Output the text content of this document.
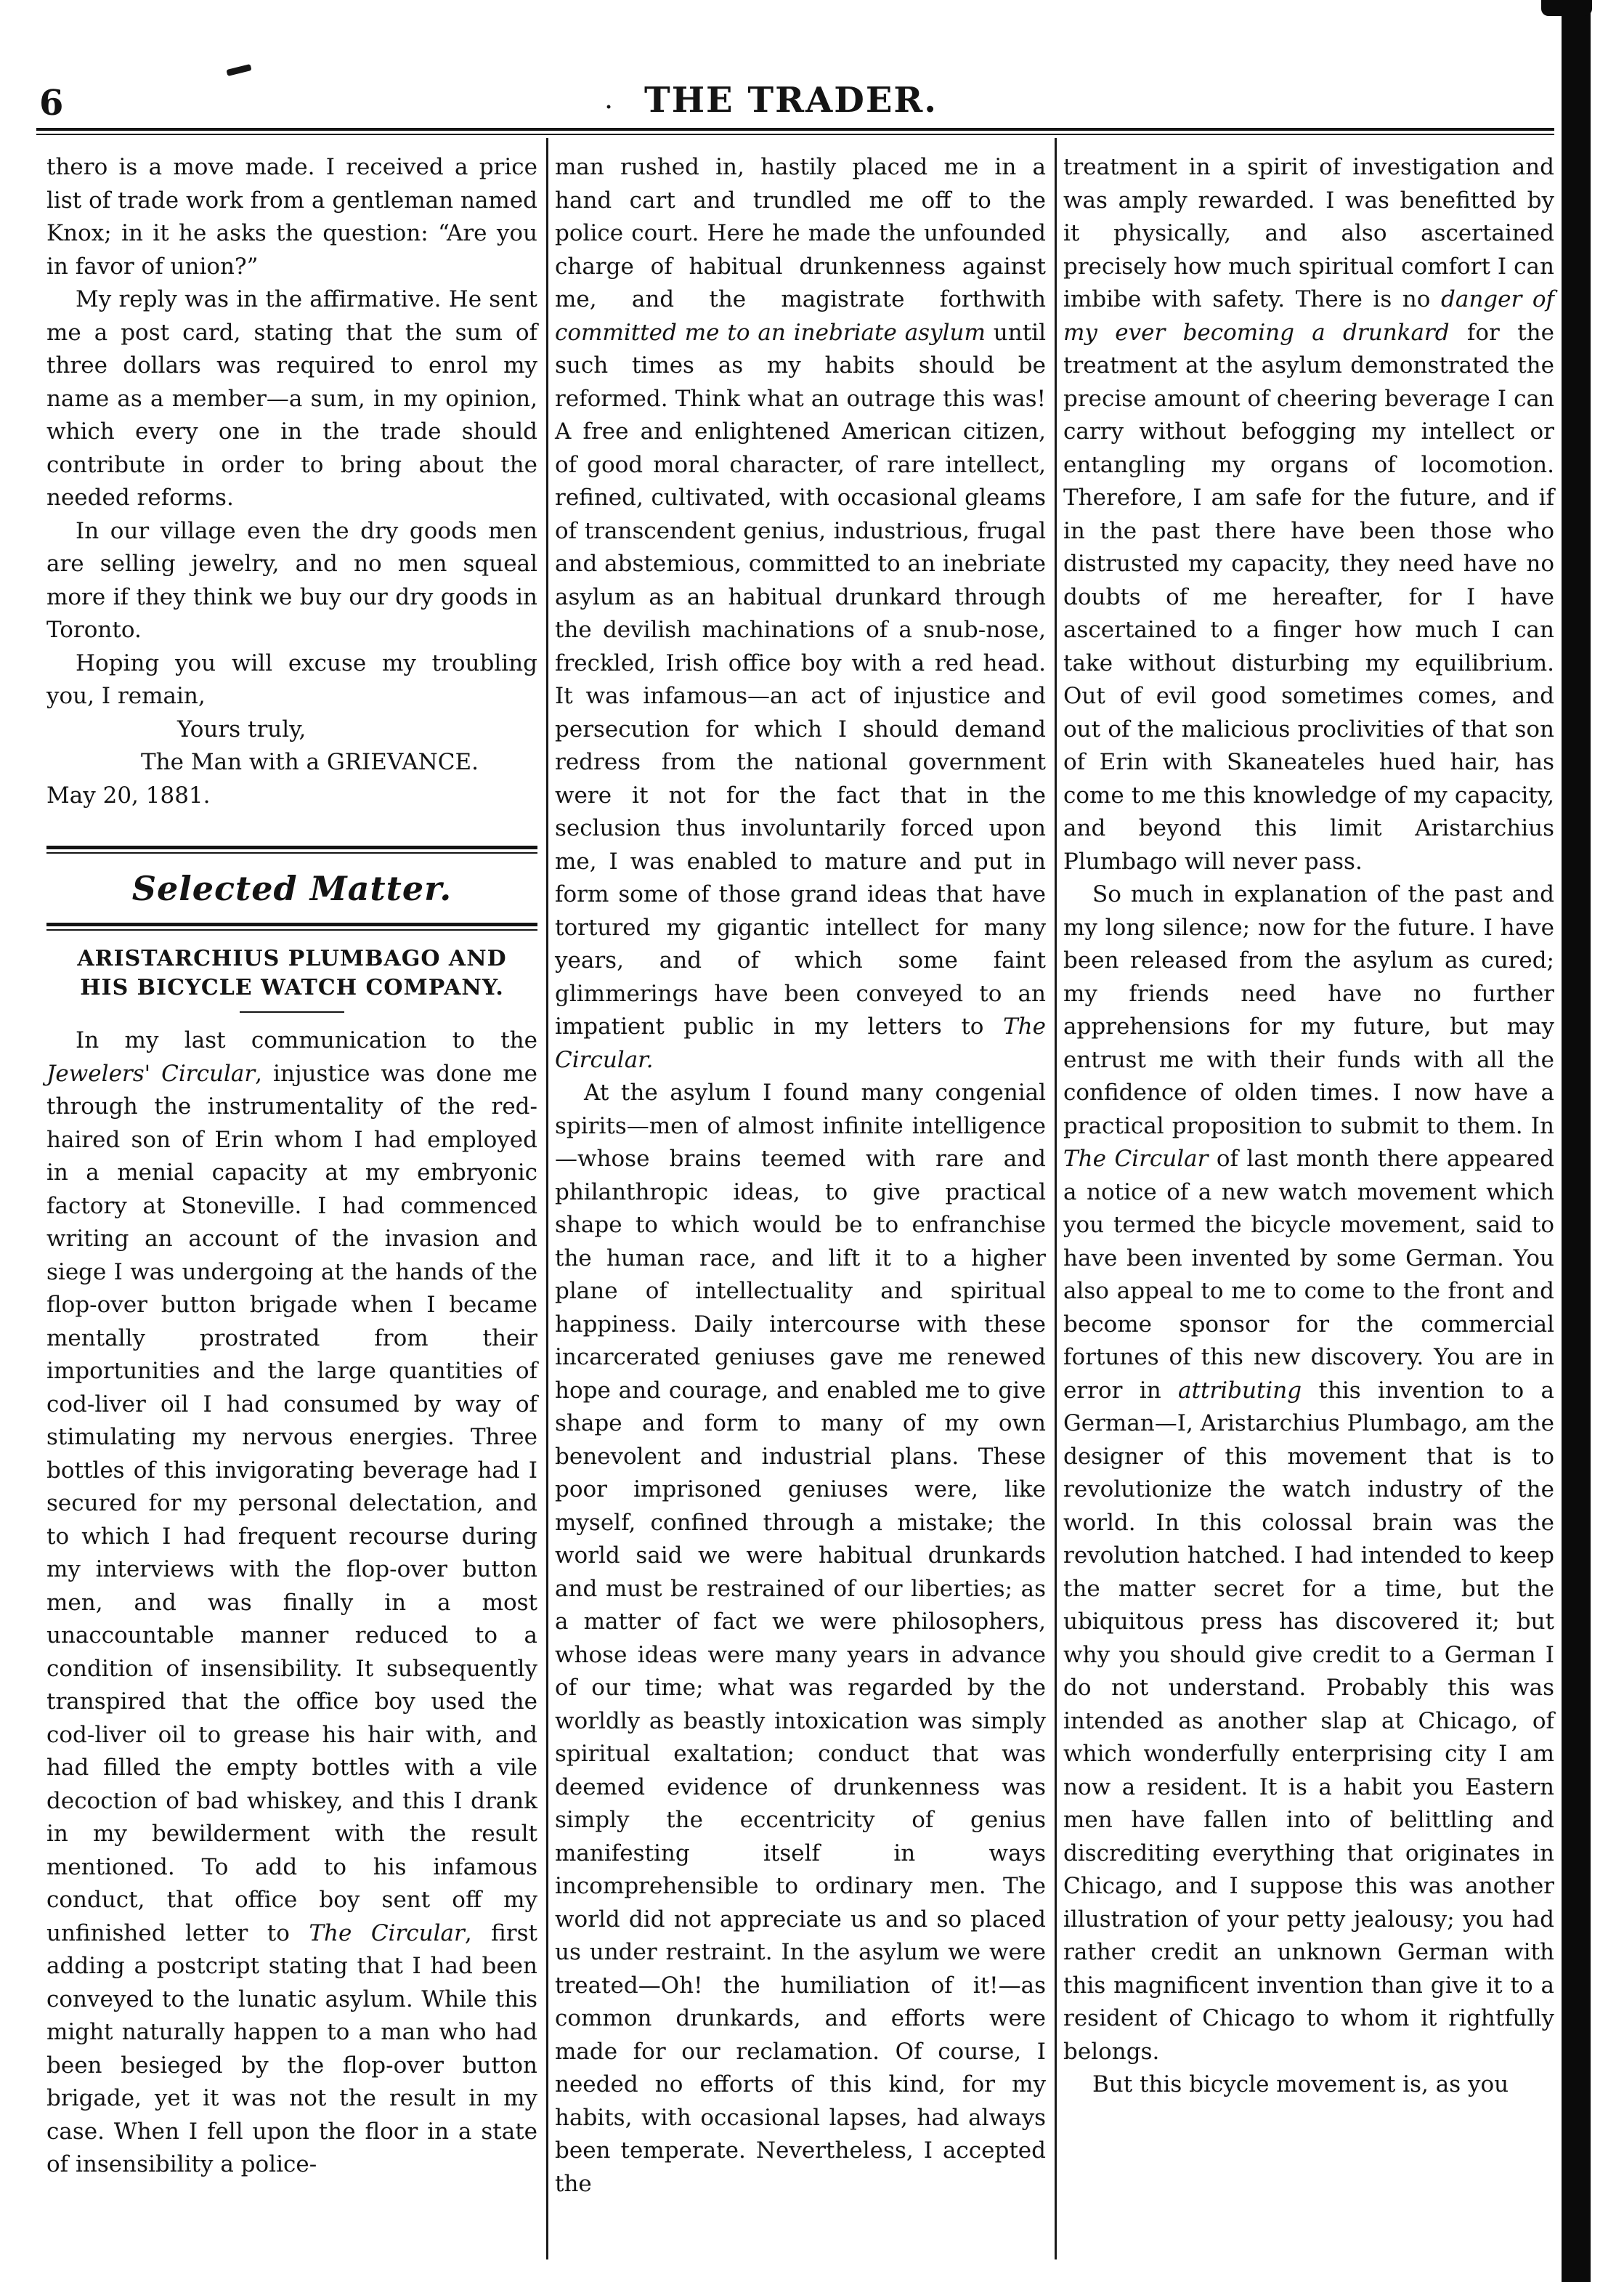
THE TRADER.
6	.

thero is a move made. I receive​d a price list of trade work from a gentleman named Knox; in it he asks the question: “Are you in favor of union?”

My reply was in the affirmative. He sent me a post card, stating that the sum of three dollars was required to enrol my name as a member—a sum, in my opinion, which every one in the trade should contribute in order to bring about the needed reforms.

In our village even the dry goods men are selling jewelry, and no men squeal more if they think we buy our dry goods in Toronto.

Hoping you will excuse my troubling you, I remain,

Yours truly,

The Man with a GRIEVANCE.

May 20, 1881.

Selected Matter.
ARISTARCHIUS PLUMBAGO AND
HIS BICYCLE WATCH COMPANY.

In my last communication to the Jewelers' Circular, injustice was done me through the instrumentality of the red-haired son of Erin whom I had employed in a menial capacity at my embryonic factory at Stoneville. I had commenced writing an account of the invasion and siege I was undergoing at the hands of the flop-over button brigade when I became mentally prostrated from their importunities and the large quantities of cod-liver oil I had consumed by way of stimulating my nervous energies. Three bottles of this invigorating beverage had I secured for my personal delectation, and to which I had frequent recourse during my interviews with the flop-over button men, and was finally in a most unaccountable manner reduced to a condition of insensibility. It subsequently transpired that the office boy used the cod-liver oil to grease his hair with, and had filled the empty bottles with a vile decoction of bad whiskey, and this I drank in my bewilderment with the result mentioned. To add to his infamous conduct, that office boy sent off my unfinished letter to The Circular, first adding a postcript stating that I had been conveyed to the lunatic asylum. While this might naturally happen to a man who had been besieged by the flop-over button brigade, yet it was not the result in my case. When I fell upon the floor in a state of insensibility a police-

man rushed in, hastily placed me in a hand cart and trundled me off to the police court. Here he made the unfounded charge of habitual drunkenness against me, and the magistrate forthwith committed me to an inebriate asylum until such times as my habits should be reformed. Think what an outrage this was! A free and enlightened American citizen, of good moral character, of rare intellect, refined, cultivated, with occasional gleams of transcendent genius, industrious, frugal and abstemious, committed to an inebriate asylum as an habitual drunkard through the devilish machinations of a snub-nose, freckled, Irish office boy with a red head. It was infamous—an act of injustice and persecution for which I should demand redress from the national government were it not for the fact that in the seclusion thus involuntarily forced upon me, I was enabled to mature and put in form some of those grand ideas that have tortured my gigantic intellect for many years, and of which some faint glimmerings have been conveyed to an impatient public in my letters to The Circular.

At the asylum I found many congenial spirits—men of almost infinite intelligence—whose brains teemed with rare and philanthropic ideas, to give practical shape to which would be to enfranchise the human race, and lift it to a higher plane of intellectuality and spiritual happiness. Daily intercourse with these incarcerated geniuses gave me renewed hope and courage, and enabled me to give shape and form to many of my own benevolent and industrial plans. These poor imprisoned geniuses were, like myself, confined through a mistake; the world said we were habitual drunkards and must be restrained of our liberties; as a matter of fact we were philosophers, whose ideas were many years in advance of our time; what was regarded by the worldly as beastly intoxication was simply spiritual exaltation; conduct that was deemed evidence of drunkenness was simply the eccentricity of genius manifesting itself in ways incomprehensible to ordinary men. The world did not appreciate us and so placed us under restraint. In the asylum we were treated—Oh! the humiliation of it!—as common drunkards, and efforts were made for our reclamation. Of course, I needed no efforts of this kind, for my habits, with occasional lapses, had always been temperate. Nevertheless, I accepted the

treatment in a spirit of investigation and was amply rewarded. I was benefitted by it physically, and also ascertained precisely how much spiritual comfort I can imbibe with safety. There is no danger of my ever becoming a drunkard for the treatment at the asylum demonstrated the precise amount of cheering beverage I can carry without befogging my intellect or entangling my organs of locomotion. Therefore, I am safe for the future, and if in the past there have been those who distrusted my capacity, they need have no doubts of me hereafter, for I have ascertained to a finger how much I can take without disturbing my equilibrium. Out of evil good sometimes comes, and out of the malicious proclivities of that son of Erin with Skaneateles hued hair, has come to me this knowledge of my capacity, and beyond this limit Aristarchius Plumbago will never pass.

So much in explanation of the past and my long silence; now for the future. I have been released from the asylum as cured; my friends need have no further apprehensions for my future, but may entrust me with their funds with all the confidence of olden times. I now have a practical proposition to submit to them. In The Circular of last month there appeared a notice of a new watch movement which you termed the bicycle movement, said to have been invented by some German. You also appeal to me to come to the front and become sponsor for the commercial fortunes of this new discovery. You are in error in attributing this invention to a German—I, Aristarchius Plumbago, am the designer of this movement that is to revolutionize the watch industry of the world. In this colossal brain was the revolution hatched. I had intended to keep the matter secret for a time, but the ubiquitous press has discovered it; but why you should give credit to a German I do not understand. Probably this was intended as another slap at Chicago, of which wonderfully enterprising city I am now a resident. It is a habit you Eastern men have fallen into of belittling and discrediting everything that originates in Chicago, and I suppose this was another illustration of your petty jealousy; you had rather credit an unknown German with this magnificent invention than give it to a resident of Chicago to whom it rightfully belongs.

But this bicycle movement is, as you
